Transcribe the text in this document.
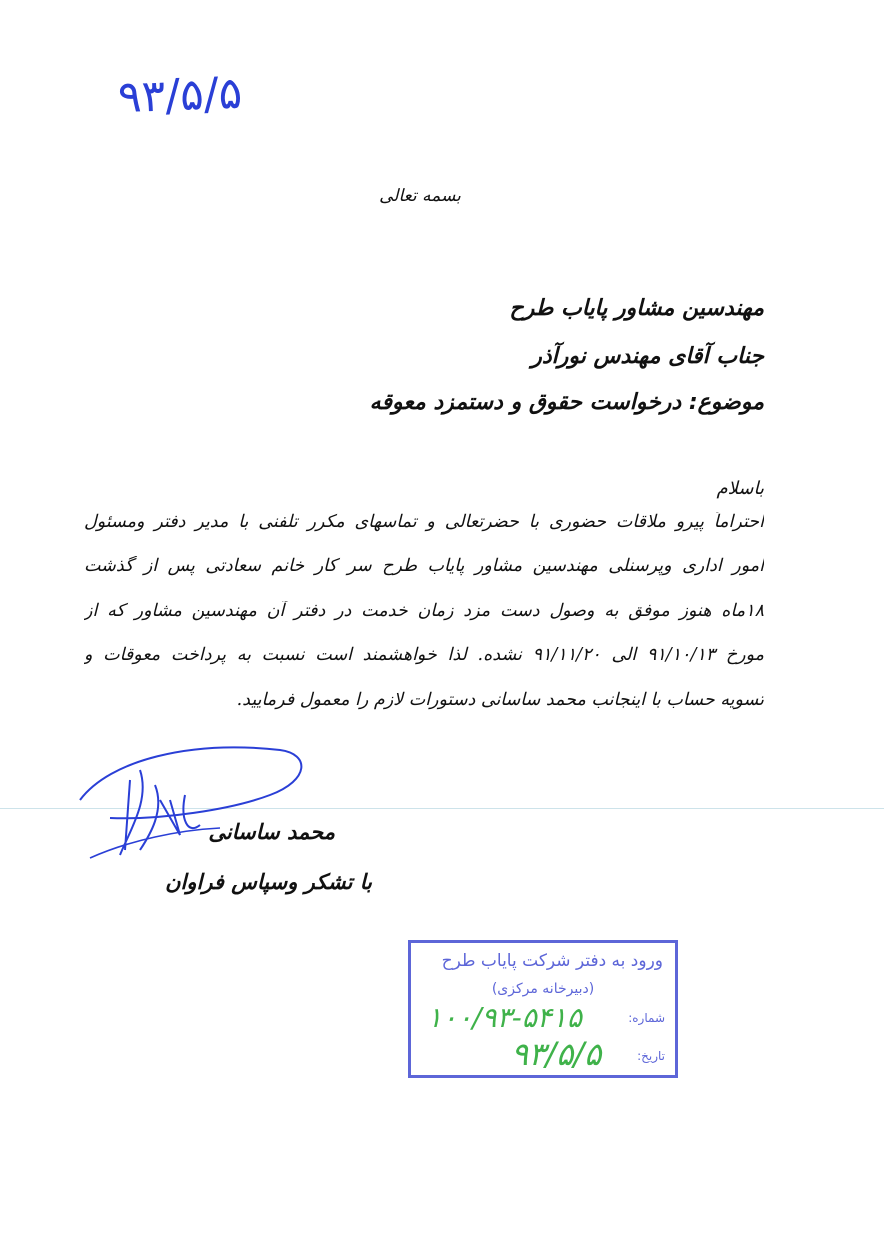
۹۳/۵/۵
بسمه تعالی
مهندسین مشاور پایاب طرح
جناب آقای مهندس نورآذر
موضوع: درخواست حقوق و دستمزد معوقه
باسلام
احتراماً پیرو ملاقات حضوری با حضرتعالی و تماسهای مکرر تلفنی با مدیر دفتر ومسئول
امور اداری وپرسنلی مهندسین مشاور پایاب طرح سر کار خانم سعادتی پس از گذشت
۱۸ماه هنوز موفق به وصول دست مزد زمان خدمت در دفتر آن مهندسین مشاور که از
مورخ ۹۱/۱۰/۱۳ الی ۹۱/۱۱/۲۰ نشده. لذا خواهشمند است نسبت به پرداخت معوقات و
تسویه حساب با اینجانب محمد ساسانی دستورات لازم را معمول فرمایید.
محمد ساسانی
با تشکر وسپاس فراوان
ورود به دفتر شرکت پایاب طرح
(دبیرخانه مرکزی)
شماره:
۱۰۰/۹۳-۵۴۱۵
تاریخ:
۹۳/۵/۵
